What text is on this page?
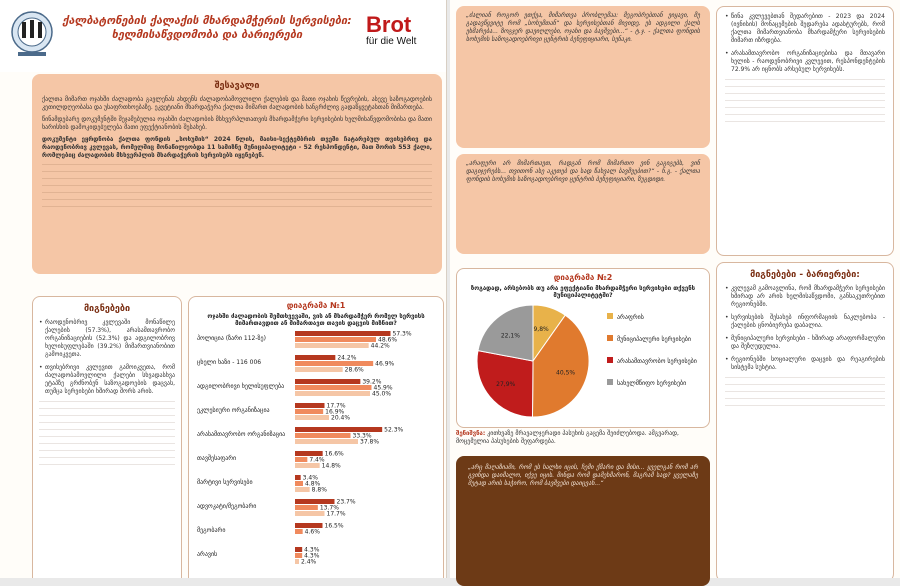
ქალბატონების ქალაქის მხარდამჭერის სერვისები: ხელმისაწვდომობა და ბარიერები	Brot
für die Welt
შესავალი
ქალთა მიმართ ოჯახში ძალადობა გავლენას ახდენს ძალადობამოვლილი ქალების და მათი ოჯახის წევრების, ასევე საზოგადოების კეთილდღეობასა და უსაფრთხოებაზე. ეკვეტიანი მხარდაჭერა ქალთა მიმართ ძალადობის ხანგრძლივ გადაწყვეტასთან მიმართება.
წინამდებარე დოკუმენტში შეჯამებულია ოჯახში ძალადობის მსხვერპლთათვის მხარდამჭერი სერვისების ხელმისაწვდომობისა და მათი ხარისხის დამოკიდებულება მათი ეფექტიანობის შესახებ.
დოკუმენტი ეყრდნობა ქალთა ფონდის „სოხუმის“ 2024 წლის, მაისი-სექტემბრის თვეში ჩატარებულ თვისებრივ და რაოდენობრივ კვლევას, რომელშიც მონაწილეობდა 11 სამიზნე მუნიციპალიტეტი - 52 რესპონდენტი, მათ შორის 553 ქალი, რომლებიც ძალადობის მსხვერპლის მხარდაჭერის სერვისებს იყენებენ.
მიგნებები
• რაოდენობრივ კვლევაში მონაწილე ქალების (57.3%), არასამთავრობო ორგანიზაციების (52.3%) და ადგილობრივ ხელისუფლებაში (39.2%) მიმართვიანობით გამოიკვეთა.
• თვისებრივი კვლევით გამოიკვეთა, რომ ძალადობამოვლილი ქალები სხვადასხვა ეტაპზე გრძნობენ საზოგადოების დაცვას, თუმცა სერვისები ხშირად შორს არის.
დიაგრამა №1
ოჯახში ძალადობის შემთხვევაში, ვის ან მხარდამჭერ რომელ სერვისს მიმართავდით ან მიმართავთ თავის დაცვის მიზნით?
პოლიცია (ზარი 112-ზე)
57.3%
48.6%
44.2%
ცხელი ხაზი - 116 006
24.2%
46.9%
28.6%
ადგილობრივი ხელისუფლება
39.2%
45.9%
45.0%
ეკლესიური ორგანიზაცია
17.7%
16.9%
20.4%
არასამთავრობო ორგანიზაცია
52.3%
33.3%
37.8%
თავშესაფარი
16.6%
7.4%
14.8%
მარტივი სერვისები
3.4%
4.8%
8.8%
ადვოკატი/მეგობარი
23.7%
13.7%
17.7%
მეგობარი
16.5%
4.6%
არავის
4.3%
4.3%
2.4%
„ძალიან როგორ ვთქვა, მიმართვა პრობლემაა: მეგობრებთან ვიყავი, მე გადავწყვიტე რომ „სოხუმთან“ და სერვისებთან მივიდე, ეს ადგილი ქალს ეხმარება... ზოგჯერ დავიღლები, ოჯახი და ბავშვები...“ - ტ.ჯ. - ქალთა ფონდის სოხუმის საზოგადოებრივი ცენტრის ბენეფიციარი, სენაკი.
„არაფერი არ მიმართავთ, რადგან რომ მიმართო ვინ გაგიგებს, ვინ დაგიჯერებს... თვითონ ასე აკეთებ და სად წახვალ ბავშვებით?“ - ნ.გ. - ქალთა ფონდის სოხუმის საზოგადოებრივი ცენტრის ბენეფიციარი, ზუგდიდი.
• წინა კვლევებთან შედარებით - 2023 და 2024 (ივნისის) მონაცემების შედარება ადასტურებს, რომ ქალთა მიმართვიანობა მხარდამჭერი სერვისების მიმართ იზრდება.
• არასამთავრობო ორგანიზაციებისა და მთავარი ხელის - რაოდენობრივი კვლევით, რესპონდენტების 72.9% არ იცნობს არსებულ სერვისებს.
მიგნებები - ბარიერები:
• კვლევამ გამოავლინა, რომ მხარდამჭერი სერვისები ხშირად არ არის ხელმისაწვდომი, განსაკუთრებით რეგიონებში.
• სერვისების შესახებ ინფორმაციის ნაკლებობა - ქალების ცნობიერება დაბალია.
• მუნიციპალური სერვისები - ხშირად არაფორმალური და შეზღუდულია.
• რეგიონებში სოციალური დაცვის და რეაგირების სისტემა სუსტია.
დიაგრამა №2
ზოგადად, არსებობს თუ არა ეფექტიანი მხარდამჭერი სერვისები თქვენს მუნიციპალიტეტში?
9,8%
40,5%
27,9%
22,1%
არაფრის
მუნიციპალური სერვისები
არასამთავრობო სერვისები
სახელმწიფო სერვისები
შენიშვნა: კითხვაზე მრავალჯერადი პასუხის გაცემა შეიძლებოდა. ამგვარად, მოცემულია პასუხების შეფარდება.
„არც მაღაზიაში, რომ ეს ხალხი იცის, ჩემი ქმარი და მისი... ყველგან რომ არ გვინდა დაიმალო, იქვე იცის. მინდა რომ დამეხმარონ, მაგრამ სად? ყველაზე მეტად არის საჭირო, რომ ბავშვები დაიცვან...“
